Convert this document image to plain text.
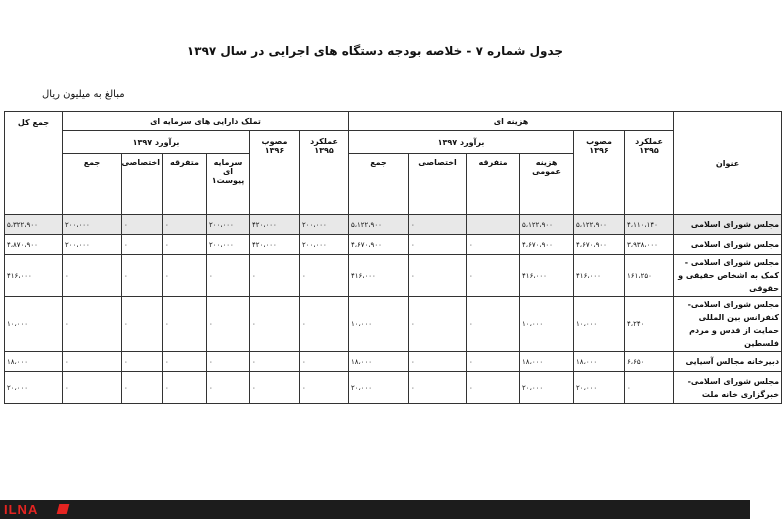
جدول شماره ۷ - خلاصه بودجه دستگاه های اجرایی در سال ۱۳۹۷
مبالغ به میلیون ریال
عنوان	هزینه ای						تملک دارایی های سرمایه ای						جمع کل
	عملکرد ۱۳۹۵	مصوب ۱۳۹۶	برآورد ۱۳۹۷				عملکرد ۱۳۹۵	مصوب ۱۳۹۶	برآورد ۱۳۹۷				
			هزینه عمومی	متفرقه	اختصاصی	جمع			سرمایه ای پیوست۱	متفرقه	اختصاصی	جمع	
مجلس شورای اسلامی	۴،۱۱۰،۱۴۰	۵،۱۲۲،۹۰۰	۵،۱۲۲،۹۰۰		۰	۵،۱۲۲،۹۰۰	۲۰۰،۰۰۰	۴۲۰،۰۰۰	۲۰۰،۰۰۰	۰	۰	۲۰۰،۰۰۰	۵،۳۲۲،۹۰۰
مجلس شورای اسلامی	۳،۹۳۸،۰۰۰	۴،۶۷۰،۹۰۰	۴،۶۷۰،۹۰۰	۰	۰	۴،۶۷۰،۹۰۰	۲۰۰،۰۰۰	۴۲۰،۰۰۰	۲۰۰،۰۰۰	۰	۰	۲۰۰،۰۰۰	۴،۸۷۰،۹۰۰
مجلس شورای اسلامی - کمک به اشخاص حقیقی و حقوقی	۱۶۱،۲۵۰	۴۱۶،۰۰۰	۴۱۶،۰۰۰	۰	۰	۴۱۶،۰۰۰	۰	۰	۰	۰	۰	۰	۴۱۶،۰۰۰
مجلس شورای اسلامی-کنفرانس بین المللی حمایت از قدس و مردم فلسطین	۴،۲۴۰	۱۰،۰۰۰	۱۰،۰۰۰	۰	۰	۱۰،۰۰۰	۰	۰	۰	۰	۰	۰	۱۰،۰۰۰
دبیرخانه مجالس آسیایی	۶،۶۵۰	۱۸،۰۰۰	۱۸،۰۰۰	۰	۰	۱۸،۰۰۰	۰	۰	۰	۰	۰	۰	۱۸،۰۰۰
مجلس شورای اسلامی-خبرگزاری خانه ملت	۰	۲۰،۰۰۰	۲۰،۰۰۰	۰	۰	۲۰،۰۰۰	۰	۰	۰	۰	۰	۰	۲۰،۰۰۰
ILNA
